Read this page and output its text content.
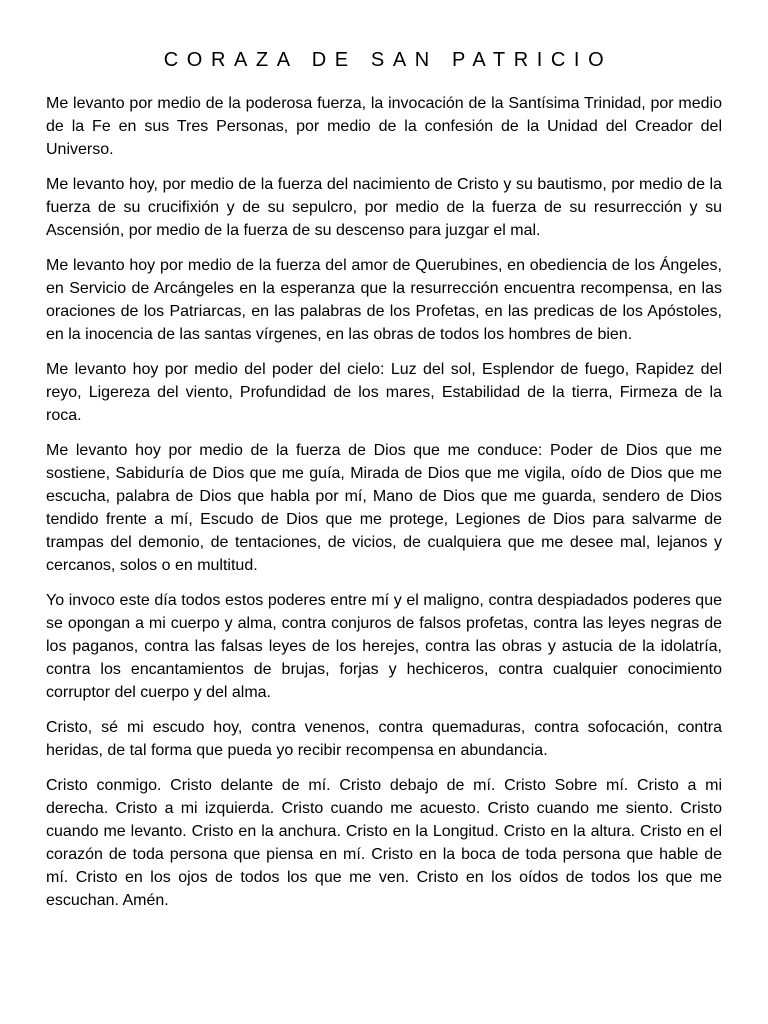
CORAZA DE SAN PATRICIO

Me levanto por medio de la poderosa fuerza, la invocación de la Santísima Trinidad, por medio de la Fe en sus Tres Personas, por medio de la confesión de la Unidad del Creador del Universo.

Me levanto hoy, por medio de la fuerza del nacimiento de Cristo y su bautismo, por medio de la fuerza de su crucifixión y de su sepulcro, por medio de la fuerza de su resurrección y su Ascensión, por medio de la fuerza de su descenso para juzgar el mal.

Me levanto hoy por medio de la fuerza del amor de Querubines, en obediencia de los Ángeles, en Servicio de Arcángeles en la esperanza que la resurrección encuentra recompensa, en las oraciones de los Patriarcas, en las palabras de los Profetas, en las predicas de los Apóstoles, en la inocencia de las santas vírgenes, en las obras de todos los hombres de bien.

Me levanto hoy por medio del poder del cielo: Luz del sol, Esplendor de fuego, Rapidez del reyo, Ligereza del viento, Profundidad de los mares, Estabilidad de la tierra, Firmeza de la roca.

Me levanto hoy por medio de la fuerza de Dios que me conduce: Poder de Dios que me sostiene, Sabiduría de Dios que me guía, Mirada de Dios que me vigila, oído de Dios que me escucha, palabra de Dios que habla por mí, Mano de Dios que me guarda, sendero de Dios tendido frente a mí, Escudo de Dios que me protege, Legiones de Dios para salvarme de trampas del demonio, de tentaciones, de vicios, de cualquiera que me desee mal, lejanos y cercanos, solos o en multitud.

Yo invoco este día todos estos poderes entre mí y el maligno, contra despiadados poderes que se opongan a mi cuerpo y alma, contra conjuros de falsos profetas, contra las leyes negras de los paganos, contra las falsas leyes de los herejes, contra las obras y astucia de la idolatría, contra los encantamientos de brujas, forjas y hechiceros, contra cualquier conocimiento corruptor del cuerpo y del alma.

Cristo, sé mi escudo hoy, contra venenos, contra quemaduras, contra sofocación, contra heridas, de tal forma que pueda yo recibir recompensa en abundancia.

Cristo conmigo. Cristo delante de mí. Cristo debajo de mí. Cristo Sobre mí. Cristo a mi derecha. Cristo a mi izquierda. Cristo cuando me acuesto. Cristo cuando me siento. Cristo cuando me levanto. Cristo en la anchura. Cristo en la Longitud. Cristo en la altura. Cristo en el corazón de toda persona que piensa en mí. Cristo en la boca de toda persona que hable de mí. Cristo en los ojos de todos los que me ven. Cristo en los oídos de todos los que me escuchan. Amén.
